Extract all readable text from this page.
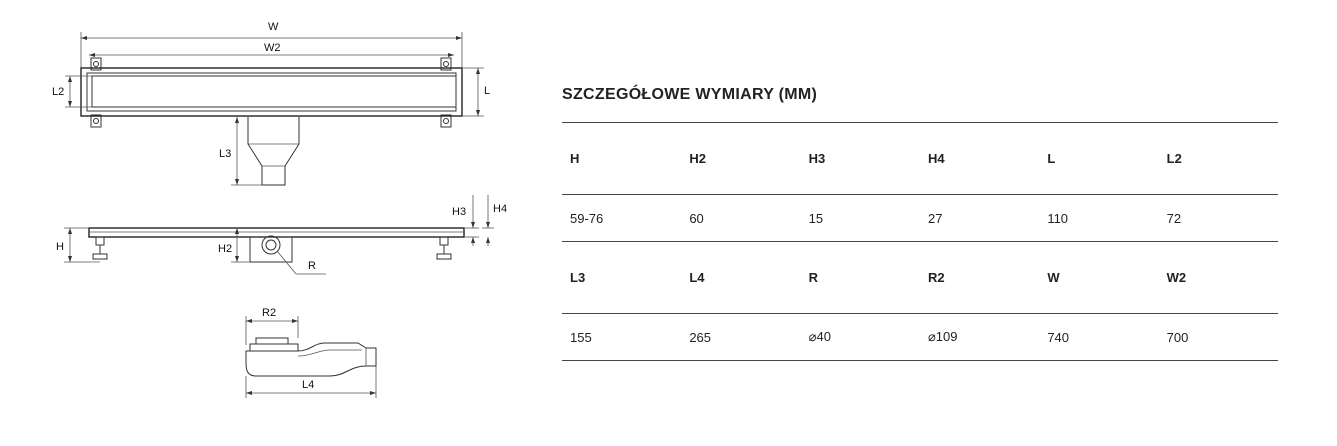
W
W2
L2	L
L3
R
H	H2
H3 H4
R2
L4
SZCZEGÓŁOWE WYMIARY (MM)
H	H2	H3	H4	L	L2
59-76	60	15	27	110	72
L3	L4	R	R2	W	W2
155	265	⌀40	⌀109	740	700
